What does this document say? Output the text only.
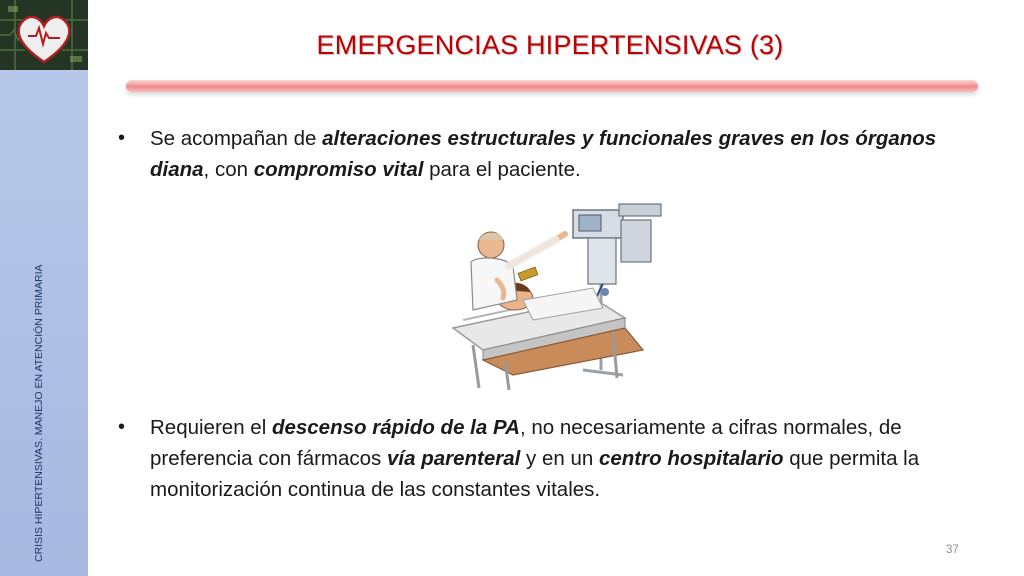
CRISIS HIPERTENSIVAS. MANEJO EN ATENCIÓN PRIMARIA
EMERGENCIAS HIPERTENSIVAS (3)
•	Se acompañan de alteraciones estructurales y funcionales graves en los órganos diana, con compromiso vital para el paciente.
•	Requieren el descenso rápido de la PA, no necesariamente a cifras normales, de preferencia con fármacos vía parenteral y en un centro hospitalario que permita la monitorización continua de las constantes vitales.
37
